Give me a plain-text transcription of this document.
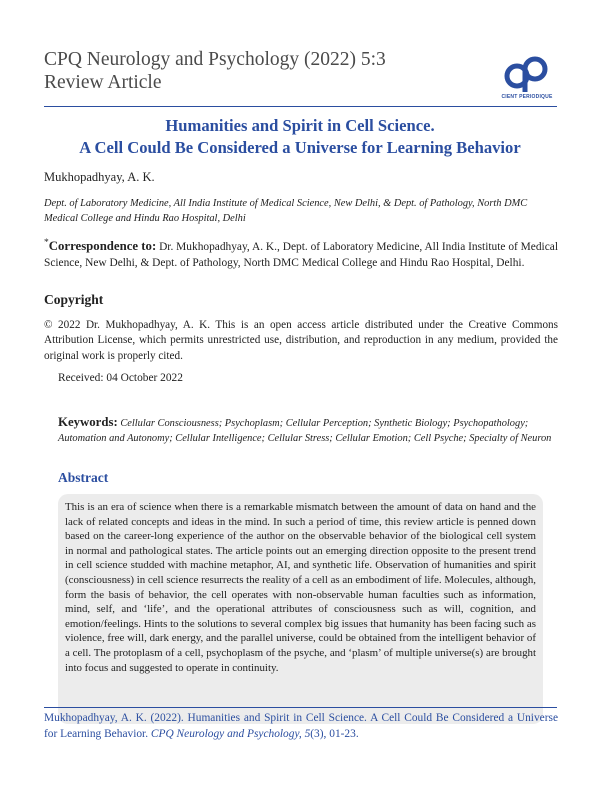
CPQ Neurology and Psychology (2022) 5:3
Review Article
CIENT PERIODIQUE
Humanities and Spirit in Cell Science.
A Cell Could Be Considered a Universe for Learning Behavior
Mukhopadhyay, A. K.
Dept. of Laboratory Medicine, All India Institute of Medical Science, New Delhi, & Dept. of Pathology, North DMC Medical College and Hindu Rao Hospital, Delhi
*Correspondence to: Dr. Mukhopadhyay, A. K., Dept. of Laboratory Medicine, All India Institute of Medical Science, New Delhi, & Dept. of Pathology, North DMC Medical College and Hindu Rao Hospital, Delhi.
Copyright
© 2022 Dr. Mukhopadhyay, A. K. This is an open access article distributed under the Creative Commons Attribution License, which permits unrestricted use, distribution, and reproduction in any medium, provided the original work is properly cited.
Received: 04 October 2022
Keywords: Cellular Consciousness; Psychoplasm; Cellular Perception; Synthetic Biology; Psychopathology; Automation and Autonomy; Cellular Intelligence; Cellular Stress; Cellular Emotion; Cell Psyche; Specialty of Neuron
Abstract
This is an era of science when there is a remarkable mismatch between the amount of data on hand and the lack of related concepts and ideas in the mind. In such a period of time, this review article is penned down based on the career-long experience of the author on the observable behavior of the biological cell system in normal and pathological states. The article points out an emerging direction opposite to the present trend in cell science studded with machine metaphor, AI, and synthetic life. Observation of humanities and spirit (consciousness) in cell science resurrects the reality of a cell as an embodiment of life. Molecules, although, form the basis of behavior, the cell operates with non-observable human faculties such as information, mind, self, and ‘life’, and the operational attributes of consciousness such as will, cognition, and emotion/feelings. Hints to the solutions to several complex big issues that humanity has been facing such as violence, free will, dark energy, and the parallel universe, could be obtained from the intelligent behavior of a cell. The protoplasm of a cell, psychoplasm of the psyche, and ‘plasm’ of multiple universe(s) are brought into focus and suggested to operate in continuity.
Mukhopadhyay, A. K. (2022). Humanities and Spirit in Cell Science. A Cell Could Be Considered a Universe for Learning Behavior. CPQ Neurology and Psychology, 5(3), 01-23.
